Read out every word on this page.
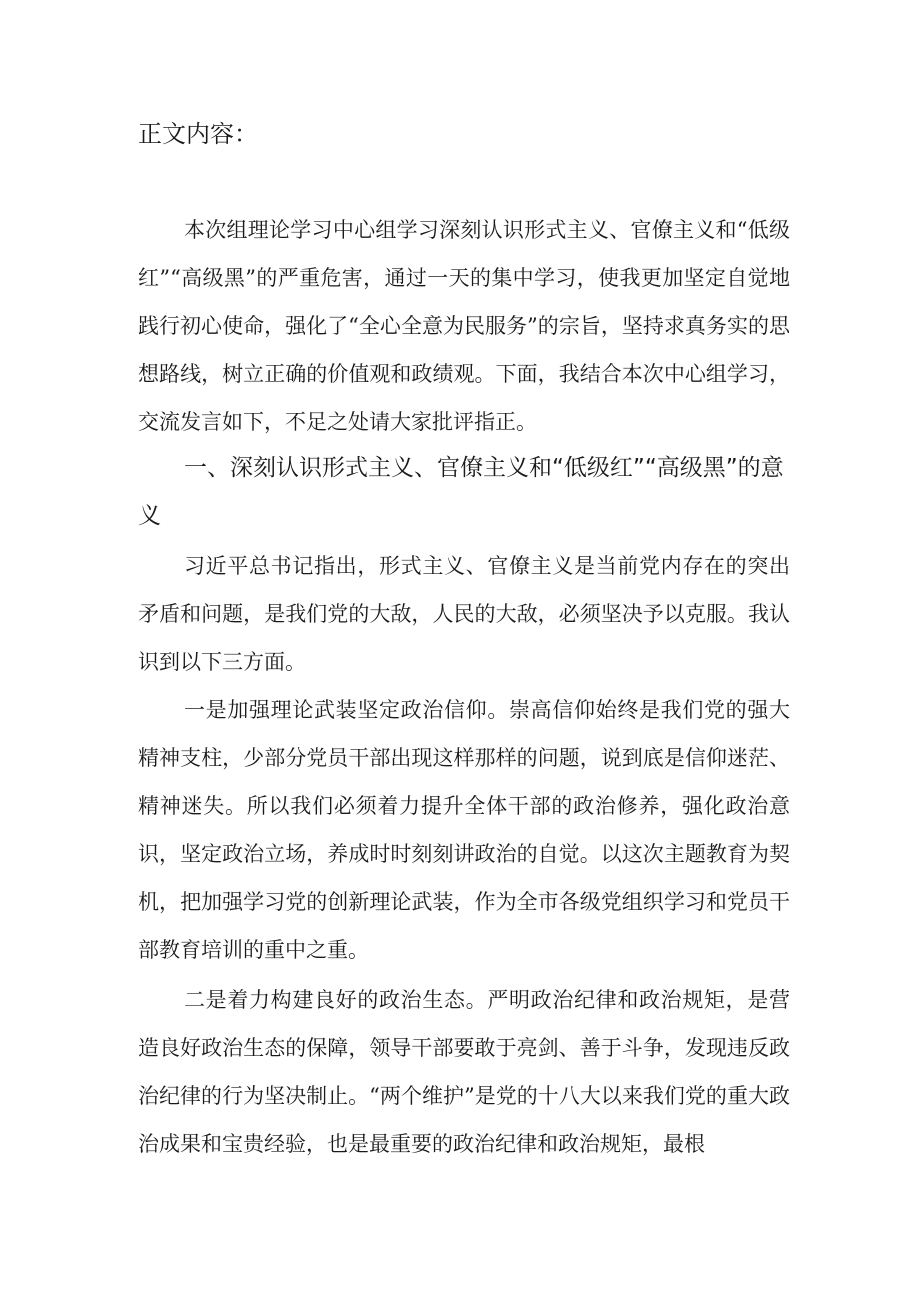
正文内容：

本次组理论学习中心组学习深刻认识形式主义、官僚主义和“低级红”“高级黑”的严重危害，通过一天的集中学习，使我更加坚定自觉地践行初心使命，强化了“全心全意为民服务”的宗旨，坚持求真务实的思想路线，树立正确的价值观和政绩观。下面，我结合本次中心组学习，交流发言如下，不足之处请大家批评指正。

一、深刻认识形式主义、官僚主义和“低级红”“高级黑”的意义

习近平总书记指出，形式主义、官僚主义是当前党内存在的突出矛盾和问题，是我们党的大敌，人民的大敌，必须坚决予以克服。我认识到以下三方面。

一是加强理论武装坚定政治信仰。崇高信仰始终是我们党的强大精神支柱，少部分党员干部出现这样那样的问题，说到底是信仰迷茫、精神迷失。所以我们必须着力提升全体干部的政治修养，强化政治意识，坚定政治立场，养成时时刻刻讲政治的自觉。以这次主题教育为契机，把加强学习党的创新理论武装，作为全市各级党组织学习和党员干部教育培训的重中之重。

二是着力构建良好的政治生态。严明政治纪律和政治规矩，是营造良好政治生态的保障，领导干部要敢于亮剑、善于斗争，发现违反政治纪律的行为坚决制止。“两个维护”是党的十八大以来我们党的重大政治成果和宝贵经验，也是最重要的政治纪律和政治规矩，最根
